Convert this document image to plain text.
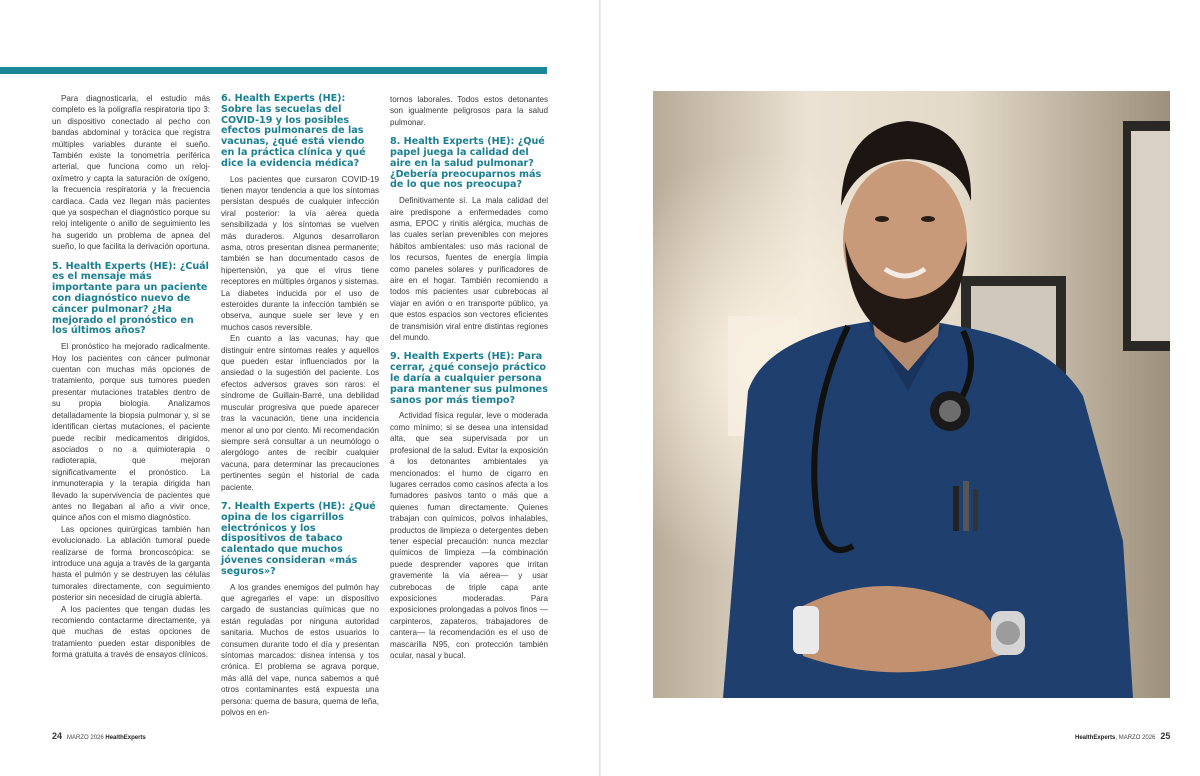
Para diagnosticarla, el estudio más completo es la poligrafía respiratoria tipo 3: un dispositivo conectado al pecho con bandas abdominal y torácica que registra múltiples variables durante el sueño. También existe la tonometría periférica arterial, que funciona como un reloj-oxímetro y capta la saturación de oxígeno, la frecuencia respiratoria y la frecuencia cardiaca. Cada vez llegan más pacientes que ya sospechan el diagnóstico porque su reloj inteligente o anillo de seguimiento les ha sugerido un problema de apnea del sueño, lo que facilita la derivación oportuna.

5. Health Experts (HE): ¿Cuál es el mensaje más importante para un paciente con diagnóstico nuevo de cáncer pulmonar? ¿Ha mejorado el pronóstico en los últimos años?

El pronóstico ha mejorado radicalmente. Hoy los pacientes con cáncer pulmonar cuentan con muchas más opciones de tratamiento, porque sus tumores pueden presentar mutaciones tratables dentro de su propia biología. Analizamos detalladamente la biopsia pulmonar y, si se identifican ciertas mutaciones, el paciente puede recibir medicamentos dirigidos, asociados o no a quimioterapia o radioterapia, que mejoran significativamente el pronóstico. La inmunoterapia y la terapia dirigida han llevado la supervivencia de pacientes que antes no llegaban al año a vivir once, quince años con el mismo diagnóstico.

Las opciones quirúrgicas también han evolucionado. La ablación tumoral puede realizarse de forma broncoscópica: se introduce una aguja a través de la garganta hasta el pulmón y se destruyen las células tumorales directamente, con seguimiento posterior sin necesidad de cirugía abierta.

A los pacientes que tengan dudas les recomiendo contactarme directamente, ya que muchas de estas opciones de tratamiento pueden estar disponibles de forma gratuita a través de ensayos clínicos.

6. Health Experts (HE): Sobre las secuelas del COVID-19 y los posibles efectos pulmonares de las vacunas, ¿qué está viendo en la práctica clínica y qué dice la evidencia médica?

Los pacientes que cursaron COVID-19 tienen mayor tendencia a que los síntomas persistan después de cualquier infección viral posterior: la vía aérea queda sensibilizada y los síntomas se vuelven más duraderos. Algunos desarrollaron asma, otros presentan disnea permanente; también se han documentado casos de hipertensión, ya que el virus tiene receptores en múltiples órganos y sistemas. La diabetes inducida por el uso de esteroides durante la infección también se observa, aunque suele ser leve y en muchos casos reversible.

En cuanto a las vacunas, hay que distinguir entre síntomas reales y aquellos que pueden estar influenciados por la ansiedad o la sugestión del paciente. Los efectos adversos graves son raros: el síndrome de Guillain-Barré, una debilidad muscular progresiva que puede aparecer tras la vacunación, tiene una incidencia menor al uno por ciento. Mi recomendación siempre será consultar a un neumólogo o alergólogo antes de recibir cualquier vacuna, para determinar las precauciones pertinentes según el historial de cada paciente.

7. Health Experts (HE): ¿Qué opina de los cigarrillos electrónicos y los dispositivos de tabaco calentado que muchos jóvenes consideran «más seguros»?

A los grandes enemigos del pulmón hay que agregarles el vape: un dispositivo cargado de sustancias químicas que no están reguladas por ninguna autoridad sanitaria. Muchos de estos usuarios lo consumen durante todo el día y presentan síntomas marcados: disnea intensa y tos crónica. El problema se agrava porque, más allá del vape, nunca sabemos a qué otros contaminantes está expuesta una persona: quema de basura, quema de leña, polvos en en-

tornos laborales. Todos estos detonantes son igualmente peligrosos para la salud pulmonar.

8. Health Experts (HE): ¿Qué papel juega la calidad del aire en la salud pulmonar? ¿Debería preocuparnos más de lo que nos preocupa?

Definitivamente sí. La mala calidad del aire predispone a enfermedades como asma, EPOC y rinitis alérgica, muchas de las cuales serían prevenibles con mejores hábitos ambientales: uso más racional de los recursos, fuentes de energía limpia como paneles solares y purificadores de aire en el hogar. También recomiendo a todos mis pacientes usar cubrebocas al viajar en avión o en transporte público, ya que estos espacios son vectores eficientes de transmisión viral entre distintas regiones del mundo.

9. Health Experts (HE): Para cerrar, ¿qué consejo práctico le daría a cualquier persona para mantener sus pulmones sanos por más tiempo?

Actividad física regular, leve o moderada como mínimo; si se desea una intensidad alta, que sea supervisada por un profesional de la salud. Evitar la exposición a los detonantes ambientales ya mencionados: el humo de cigarro en lugares cerrados como casinos afecta a los fumadores pasivos tanto o más que a quienes fuman directamente. Quienes trabajan con químicos, polvos inhalables, productos de limpieza o detergentes deben tener especial precaución: nunca mezclar químicos de limpieza —la combinación puede desprender vapores que irritan gravemente la vía aérea— y usar cubrebocas de triple capa ante exposiciones moderadas. Para exposiciones prolongadas a polvos finos —carpinteros, zapateros, trabajadores de cantera— la recomendación es el uso de mascarilla N95, con protección también ocular, nasal y bucal.

24 MARZO 2026 HealthExperts	HealthExperts, MARZO 2026 25
